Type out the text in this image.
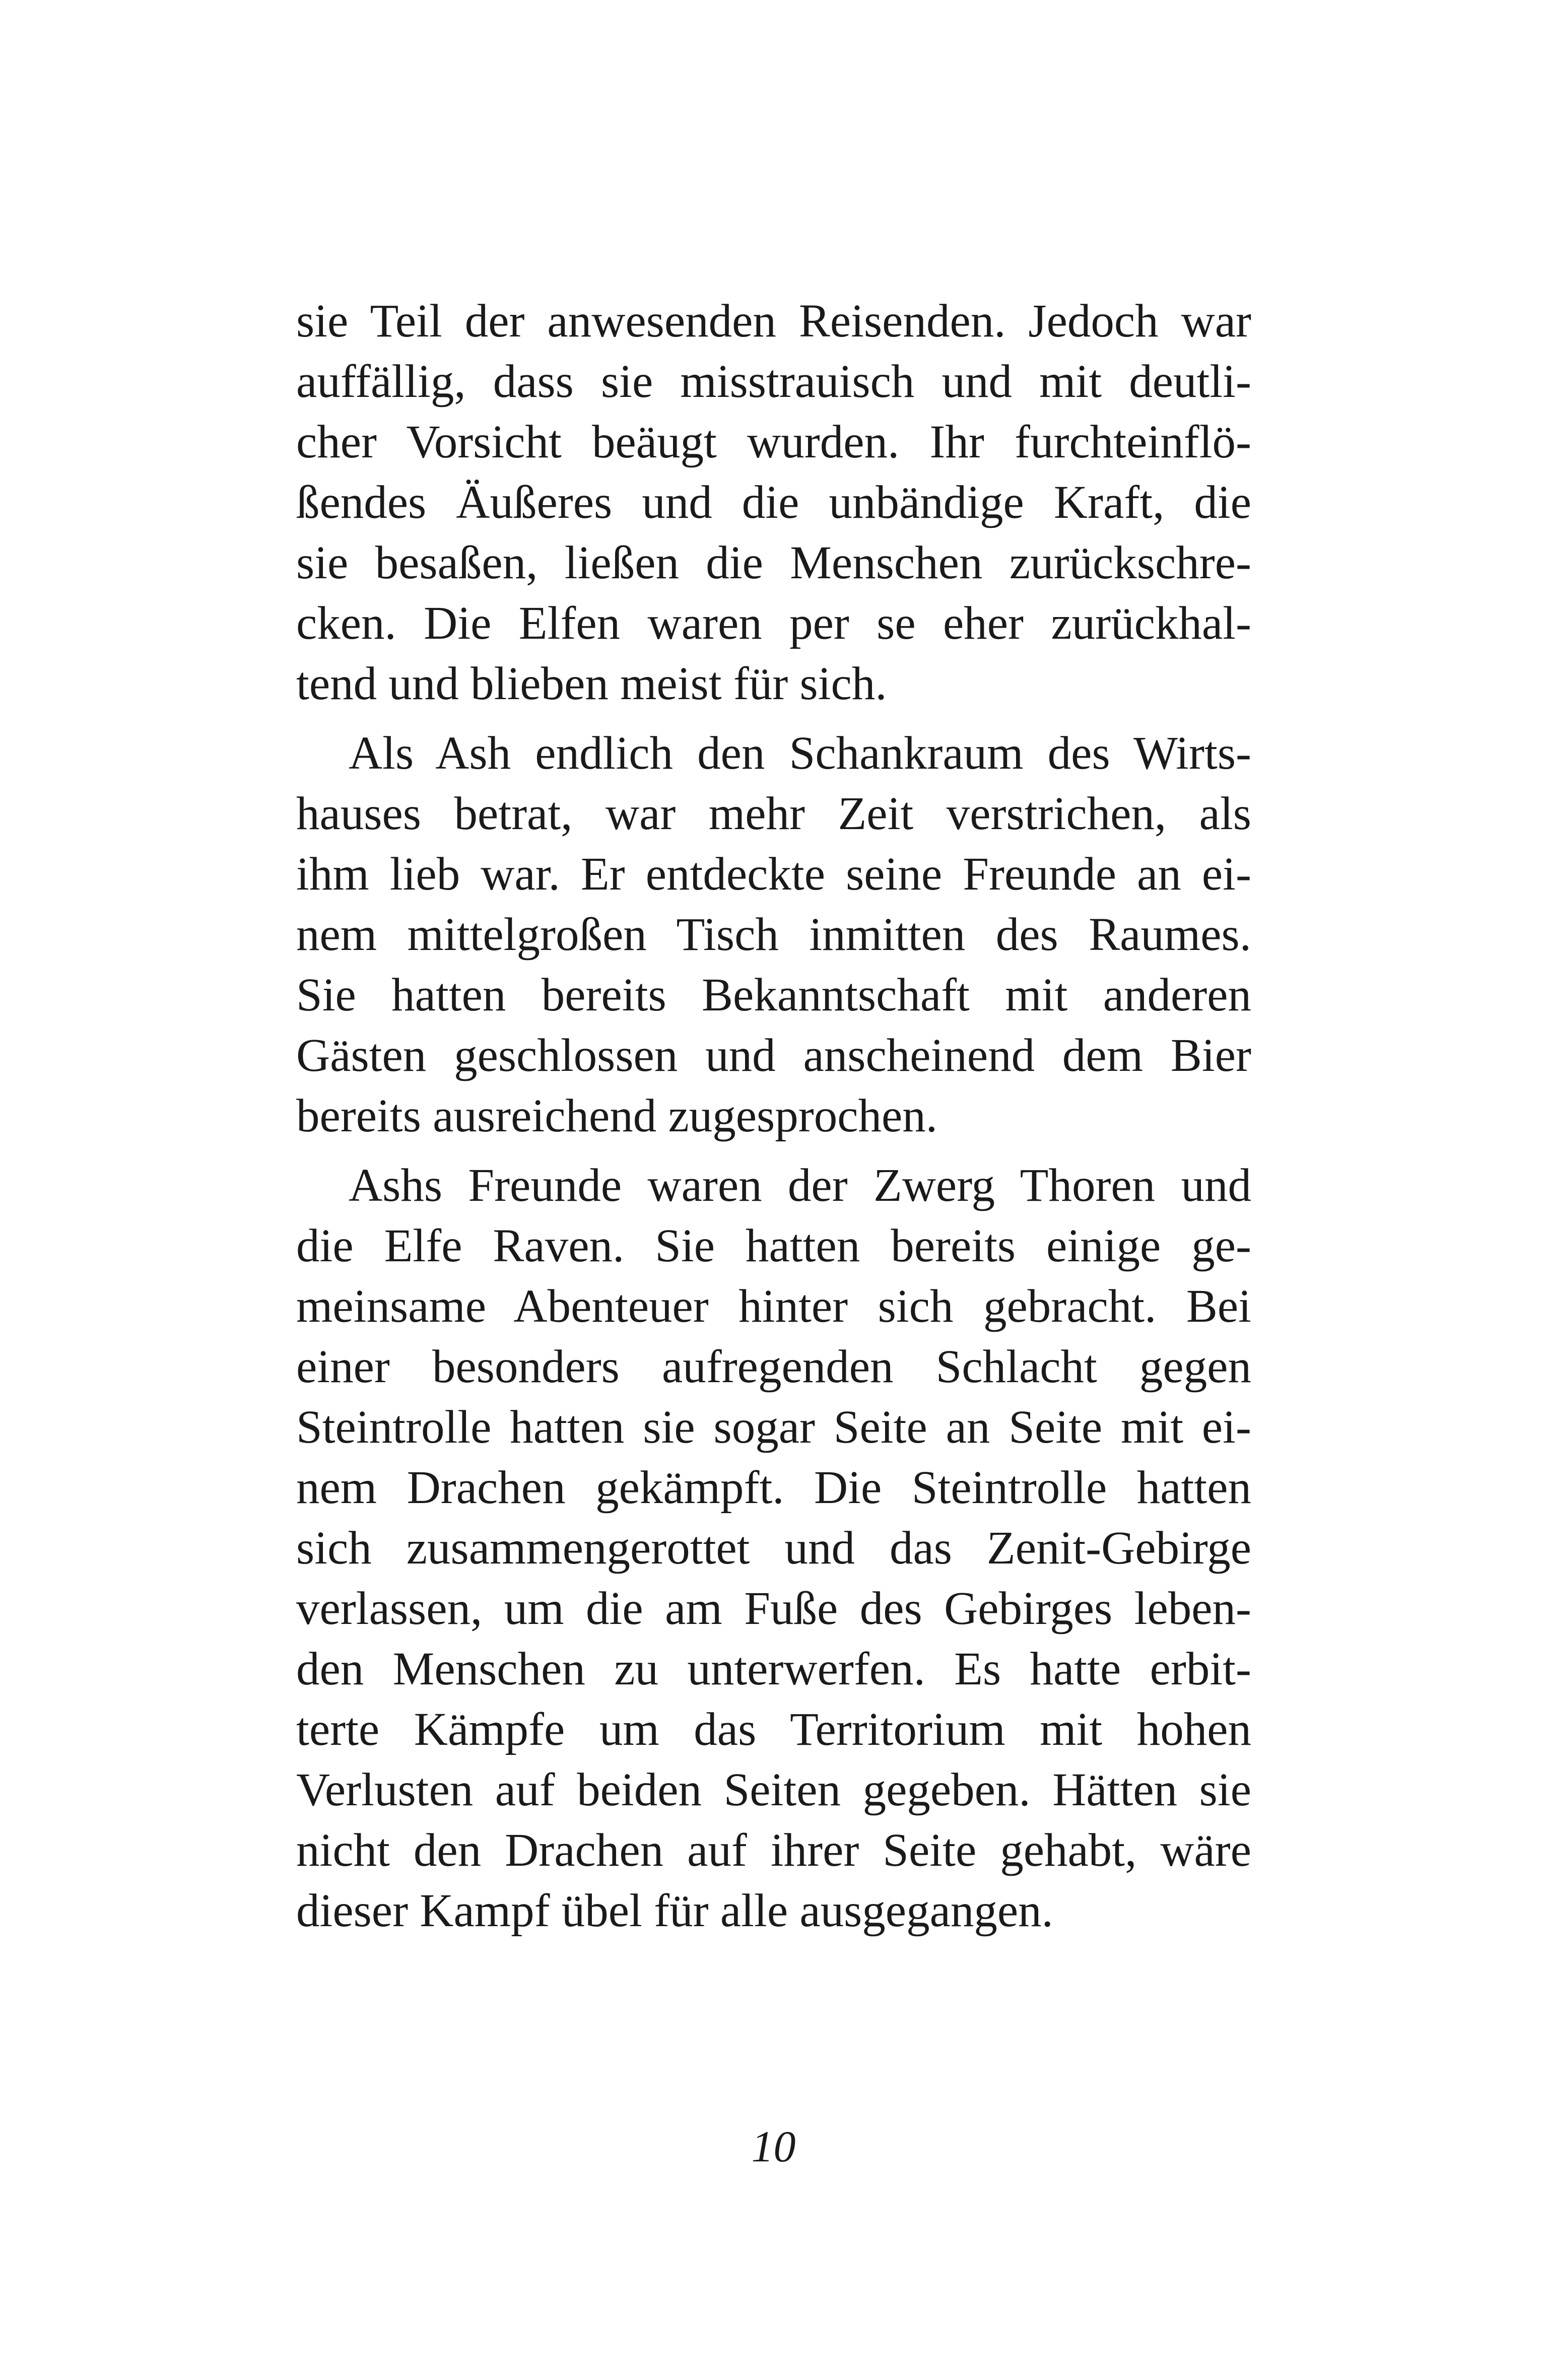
sie Teil der anwesenden Reisenden. Jedoch war
auffällig, dass sie misstrauisch und mit deutli-
cher Vorsicht beäugt wurden. Ihr furchteinflö-
ßendes Äußeres und die unbändige Kraft, die
sie besaßen, ließen die Menschen zurückschre-
cken. Die Elfen waren per se eher zurückhal-
tend und blieben meist für sich.
Als Ash endlich den Schankraum des Wirts-
hauses betrat, war mehr Zeit verstrichen, als
ihm lieb war. Er entdeckte seine Freunde an ei-
nem mittelgroßen Tisch inmitten des Raumes.
Sie hatten bereits Bekanntschaft mit anderen
Gästen geschlossen und anscheinend dem Bier
bereits ausreichend zugesprochen.
Ashs Freunde waren der Zwerg Thoren und
die Elfe Raven. Sie hatten bereits einige ge-
meinsame Abenteuer hinter sich gebracht. Bei
einer besonders aufregenden Schlacht gegen
Steintrolle hatten sie sogar Seite an Seite mit ei-
nem Drachen gekämpft. Die Steintrolle hatten
sich zusammengerottet und das Zenit-Gebirge
verlassen, um die am Fuße des Gebirges leben-
den Menschen zu unterwerfen. Es hatte erbit-
terte Kämpfe um das Territorium mit hohen
Verlusten auf beiden Seiten gegeben. Hätten sie
nicht den Drachen auf ihrer Seite gehabt, wäre
dieser Kampf übel für alle ausgegangen.
10
